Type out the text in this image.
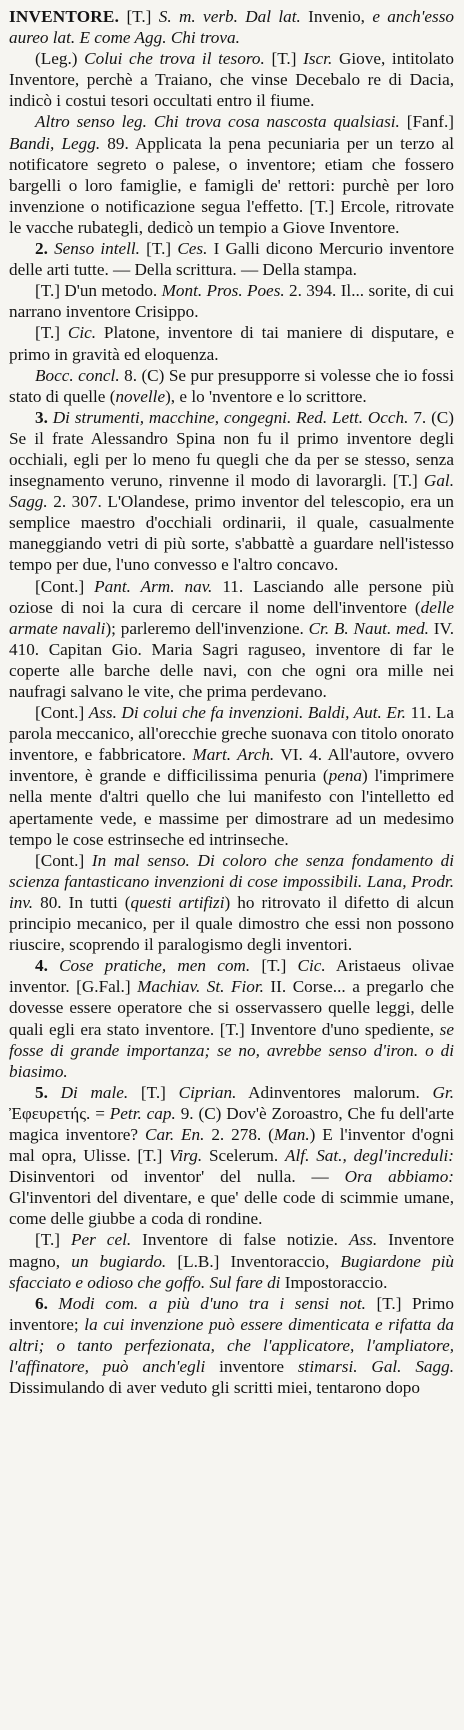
INVENTORE. [T.] S. m. verb. Dal lat. Invenio, e anch'esso aureo lat. E come Agg. Chi trova.

(Leg.) Colui che trova il tesoro. [T.] Iscr. Giove, intitolato Inventore, perchè a Traiano, che vinse Decebalo re di Dacia, indicò i costui tesori occultati entro il fiume.

Altro senso leg. Chi trova cosa nascosta qualsiasi. [Fanf.] Bandi, Legg. 89. Applicata la pena pecuniaria per un terzo al notificatore segreto o palese, o inventore; etiam che fossero bargelli o loro famiglie, e famigli de' rettori: purchè per loro invenzione o notificazione segua l'effetto. [T.] Ercole, ritrovate le vacche rubategli, dedicò un tempio a Giove Inventore.

2. Senso intell. [T.] Ces. I Galli dicono Mercurio inventore delle arti tutte. — Della scrittura. — Della stampa.

[T.] D'un metodo. Mont. Pros. Poes. 2. 394. Il... sorite, di cui narrano inventore Crisippo.

[T.] Cic. Platone, inventore di tai maniere di disputare, e primo in gravità ed eloquenza.

Bocc. concl. 8. (C) Se pur presupporre si volesse che io fossi stato di quelle (novelle), e lo 'nventore e lo scrittore.

3. Di strumenti, macchine, congegni. Red. Lett. Occh. 7. (C) Se il frate Alessandro Spina non fu il primo inventore degli occhiali, egli per lo meno fu quegli che da per se stesso, senza insegnamento veruno, rinvenne il modo di lavorargli. [T.] Gal. Sagg. 2. 307. L'Olandese, primo inventor del telescopio, era un semplice maestro d'occhiali ordinarii, il quale, casualmente maneggiando vetri di più sorte, s'abbattè a guardare nell'istesso tempo per due, l'uno convesso e l'altro concavo.

[Cont.] Pant. Arm. nav. 11. Lasciando alle persone più oziose di noi la cura di cercare il nome dell'inventore (delle armate navali); parleremo dell'invenzione. Cr. B. Naut. med. IV. 410. Capitan Gio. Maria Sagri raguseo, inventore di far le coperte alle barche delle navi, con che ogni ora mille nei naufragi salvano le vite, che prima perdevano.

[Cont.] Ass. Di colui che fa invenzioni. Baldi, Aut. Er. 11. La parola meccanico, all'orecchie greche suonava con titolo onorato inventore, e fabbricatore. Mart. Arch. VI. 4. All'autore, ovvero inventore, è grande e difficilissima penuria (pena) l'imprimere nella mente d'altri quello che lui manifesto con l'intelletto ed apertamente vede, e massime per dimostrare ad un medesimo tempo le cose estrinseche ed intrinseche.

[Cont.] In mal senso. Di coloro che senza fondamento di scienza fantasticano invenzioni di cose impossibili. Lana, Prodr. inv. 80. In tutti (questi artifizi) ho ritrovato il difetto di alcun principio mecanico, per il quale dimostro che essi non possono riuscire, scoprendo il paralogismo degli inventori.

4. Cose pratiche, men com. [T.] Cic. Aristaeus olivae inventor. [G.Fal.] Machiav. St. Fior. II. Corse... a pregarlo che dovesse essere operatore che si osservassero quelle leggi, delle quali egli era stato inventore. [T.] Inventore d'uno spediente, se fosse di grande importanza; se no, avrebbe senso d'iron. o di biasimo.

5. Di male. [T.] Ciprian. Adinventores malorum. Gr. Ἐφευρετής. = Petr. cap. 9. (C) Dov'è Zoroastro, Che fu dell'arte magica inventore? Car. En. 2. 278. (Man.) E l'inventor d'ogni mal opra, Ulisse. [T.] Virg. Scelerum. Alf. Sat., degl'increduli: Disinventori od inventor' del nulla. — Ora abbiamo: Gl'inventori del diventare, e que' delle code di scimmie umane, come delle giubbe a coda di rondine.

[T.] Per cel. Inventore di false notizie. Ass. Inventore magno, un bugiardo. [L.B.] Inventoraccio, Bugiardone più sfacciato e odioso che goffo. Sul fare di Impostoraccio.

6. Modi com. a più d'uno tra i sensi not. [T.] Primo inventore; la cui invenzione può essere dimenticata e rifatta da altri; o tanto perfezionata, che l'applicatore, l'ampliatore, l'affinatore, può anch'egli inventore stimarsi. Gal. Sagg. Dissimulando di aver veduto gli scritti miei, tentarono dopo
